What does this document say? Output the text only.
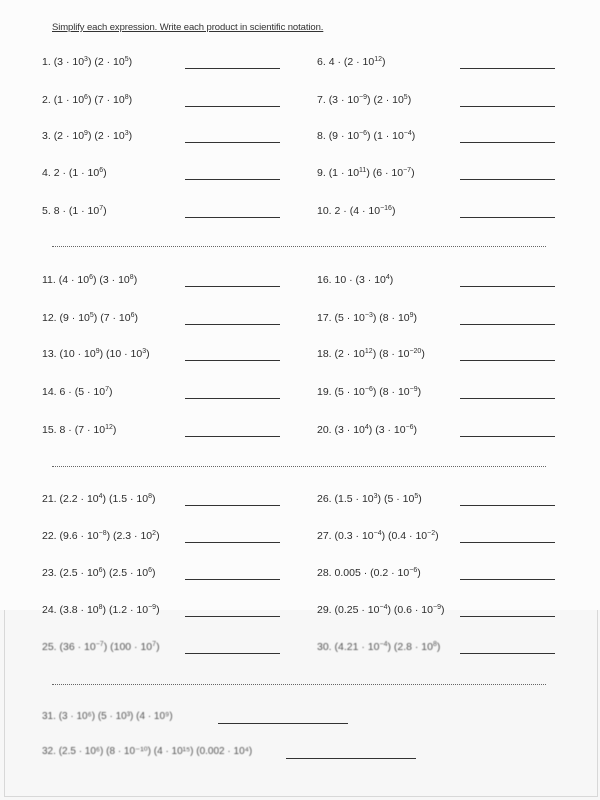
Simplify each expression. Write each product in scientific notation.
1. $(3 \cdot 10^3)$ $(2 \cdot 10^5)$
2. $(1 \cdot 10^6)$ $(7 \cdot 10^8)$
3. $(2 \cdot 10^9)$ $(2 \cdot 10^3)$
4. $2 \cdot (1 \cdot 10^6)$
5. $8 \cdot (1 \cdot 10^7)$
6. $4 \cdot (2 \cdot 10^{12})$
7. $(3 \cdot 10^{-9})$ $(2 \cdot 10^5)$
8. $(9 \cdot 10^{-6})$ $(1 \cdot 10^{-4})$
9. $(1 \cdot 10^{11})$ $(6 \cdot 10^{-7})$
10. $2 \cdot (4 \cdot 10^{-16})$
11. $(4 \cdot 10^6)$ $(3 \cdot 10^8)$
12. $(9 \cdot 10^5)$ $(7 \cdot 10^6)$
13. $(10 \cdot 10^9)$ $(10 \cdot 10^3)$
14. $6 \cdot (5 \cdot 10^7)$
15. $8 \cdot (7 \cdot 10^{12})$
16. $10 \cdot (3 \cdot 10^4)$
17. $(5 \cdot 10^{-3})$ $(8 \cdot 10^9)$
18. $(2 \cdot 10^{12})$ $(8 \cdot 10^{-20})$
19. $(5 \cdot 10^{-6})$ $(8 \cdot 10^{-9})$
20. $(3 \cdot 10^4)$ $(3 \cdot 10^{-6})$
21. $(2.2 \cdot 10^4)$ $(1.5 \cdot 10^8)$
22. $(9.6 \cdot 10^{-8})$ $(2.3 \cdot 10^2)$
23. $(2.5 \cdot 10^6)$ $(2.5 \cdot 10^6)$
24. $(3.8 \cdot 10^8)$ $(1.2 \cdot 10^{-9})$
25. $(36 \cdot 10^{-7})$ $(100 \cdot 10^7)$
26. $(1.5 \cdot 10^3)$ $(5 \cdot 10^5)$
27. $(0.3 \cdot 10^{-4})$ $(0.4 \cdot 10^{-2})$
28. $0.005 \cdot (0.2 \cdot 10^{-6})$
29. $(0.25 \cdot 10^{-4})$ $(0.6 \cdot 10^{-9})$
30. $(4.21 \cdot 10^{-4})$ $(2.8 \cdot 10^8)$
31. (3 · 10⁶) (5 · 10³) (4 · 10⁹)
32. (2.5 · 10⁶) (8 · 10⁻¹⁰) (4 · 10¹⁵) (0.002 · 10⁴)
